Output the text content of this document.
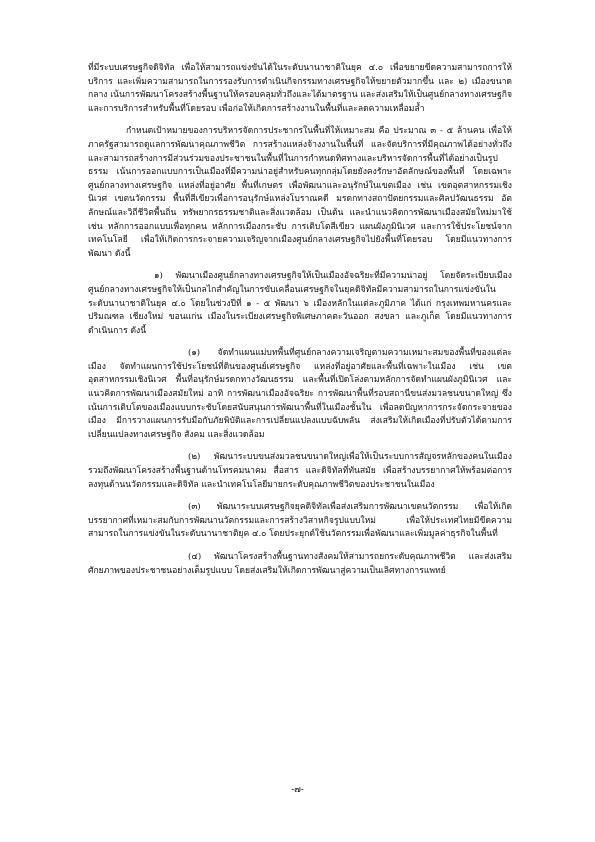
ที่มีระบบเศรษฐกิจดิจิทัล เพื่อให้สามารถแข่งขันได้ในระดับนานาชาติในยุค ๔.๐ เพื่อขยายขีดความสามารถการให้บริการ และเพิ่มความสามารถในการรองรับการดำเนินกิจกรรมทางเศรษฐกิจให้ขยายตัวมากขึ้น และ ๒) เมืองขนาดกลาง เน้นการพัฒนาโครงสร้างพื้นฐานให้ครอบคลุมทั่วถึงและได้มาตรฐาน และส่งเสริมให้เป็นศูนย์กลางทางเศรษฐกิจและการบริการสำหรับพื้นที่โดยรอบ เพื่อก่อให้เกิดการสร้างงานในพื้นที่และลดความเหลื่อมล้ำ

กำหนดเป้าหมายของการบริหารจัดการประชากรในพื้นที่ให้เหมาะสม คือ ประมาณ ๓ - ๕ ล้านคน เพื่อให้ภาครัฐสามารถดูแลการพัฒนาคุณภาพชีวิต การสร้างแหล่งจ้างงานในพื้นที่ และจัดบริการที่มีคุณภาพได้อย่างทั่วถึง และสามารถสร้างการมีส่วนร่วมของประชาชนในพื้นที่ในการกำหนดทิศทางและบริหารจัดการพื้นที่ได้อย่างเป็นรูปธรรม เน้นการออกแบบการเป็นเมืองที่มีความน่าอยู่สำหรับคนทุกกลุ่มโดยยังคงรักษาอัตลักษณ์ของพื้นที่ โดยเฉพาะศูนย์กลางทางเศรษฐกิจ แหล่งที่อยู่อาศัย พื้นที่เกษตร เพื่อพัฒนาและอนุรักษ์ในเขตเมือง เช่น เขตอุตสาหกรรมเชิงนิเวศ เขตนวัตกรรม พื้นที่สีเขียวเพื่อการอนุรักษ์แหล่งโบราณคดี มรดกทางสถาปัตยกรรมและศิลปวัฒนธรรม อัตลักษณ์และวิถีชีวิตพื้นถิ่น ทรัพยากรธรรมชาติและสิ่งแวดล้อม เป็นต้น และนำแนวคิดการพัฒนาเมืองสมัยใหม่มาใช้ เช่น หลักการออกแบบเพื่อทุกคน หลักการเมืองกระชับ การเติบโตสีเขียว แผนผังภูมินิเวศ และการใช้ประโยชน์จากเทคโนโลยี เพื่อให้เกิดการกระจายความเจริญจากเมืองศูนย์กลางเศรษฐกิจไปยังพื้นที่โดยรอบ โดยมีแนวทางการพัฒนา ดังนี้

๑) พัฒนาเมืองศูนย์กลางทางเศรษฐกิจให้เป็นเมืองอัจฉริยะที่มีความน่าอยู่ โดยจัดระเบียบเมืองศูนย์กลางทางเศรษฐกิจให้เป็นกลไกสำคัญในการขับเคลื่อนเศรษฐกิจในยุคดิจิทัลมีความสามารถในการแข่งขันในระดับนานาชาติในยุค ๔.๐ โดยในช่วงปีที่ ๑ - ๕ พัฒนา ๖ เมืองหลักในแต่ละภูมิภาค ได้แก่ กรุงเทพมหานครและปริมณฑล เชียงใหม่ ขอนแก่น เมืองในระเบียงเศรษฐกิจพิเศษภาคตะวันออก สงขลา และภูเก็ต โดยมีแนวทางการดำเนินการ ดังนี้

(๑) จัดทำแผนแม่บทพื้นที่ศูนย์กลางความเจริญตามความเหมาะสมของพื้นที่ของแต่ละเมือง จัดทำแผนการใช้ประโยชน์ที่ดินของศูนย์เศรษฐกิจ แหล่งที่อยู่อาศัยและพื้นที่เฉพาะในเมือง เช่น เขตอุตสาหกรรมเชิงนิเวศ พื้นที่อนุรักษ์มรดกทางวัฒนธรรม และพื้นที่เปิดโล่งตามหลักการจัดทำแผนผังภูมินิเวศ และแนวคิดการพัฒนาเมืองสมัยใหม่ อาทิ การพัฒนาเมืองอัจฉริยะ การพัฒนาพื้นที่รอบสถานีขนส่งมวลชนขนาดใหญ่ ซึ่งเน้นการเติบโตของเมืองแบบกระชับโดยสนับสนุนการพัฒนาพื้นที่ในเมืองชั้นใน เพื่อลดปัญหาการกระจัดกระจายของเมือง มีการวางแผนการรับมือกับภัยพิบัติและการเปลี่ยนแปลงแบบฉับพลัน ส่งเสริมให้เกิดเมืองที่ปรับตัวได้ตามการเปลี่ยนแปลงทางเศรษฐกิจ สังคม และสิ่งแวดล้อม

(๒) พัฒนาระบบขนส่งมวลชนขนาดใหญ่เพื่อให้เป็นระบบการสัญจรหลักของคนในเมือง รวมถึงพัฒนาโครงสร้างพื้นฐานด้านโทรคมนาคม สื่อสาร และดิจิทัลที่ทันสมัย เพื่อสร้างบรรยากาศให้พร้อมต่อการลงทุนด้านนวัตกรรมและดิจิทัล และนำเทคโนโลยีมายกระดับคุณภาพชีวิตของประชาชนในเมือง

(๓) พัฒนาระบบเศรษฐกิจยุคดิจิทัลเพื่อส่งเสริมการพัฒนาเขตนวัตกรรม เพื่อให้เกิดบรรยากาศที่เหมาะสมกับการพัฒนานวัตกรรมและการสร้างวิสาหกิจรูปแบบใหม่ เพื่อให้ประเทศไทยมีขีดความสามารถในการแข่งขันในระดับนานาชาติยุค ๔.๐ โดยประยุกต์ใช้นวัตกรรมเพื่อพัฒนาและเพิ่มมูลค่าธุรกิจในพื้นที่

(๔) พัฒนาโครงสร้างพื้นฐานทางสังคมให้สามารถยกระดับคุณภาพชีวิต และส่งเสริมศักยภาพของประชาชนอย่างเต็มรูปแบบ โดยส่งเสริมให้เกิดการพัฒนาสู่ความเป็นเลิศทางการแพทย์

-๗-
